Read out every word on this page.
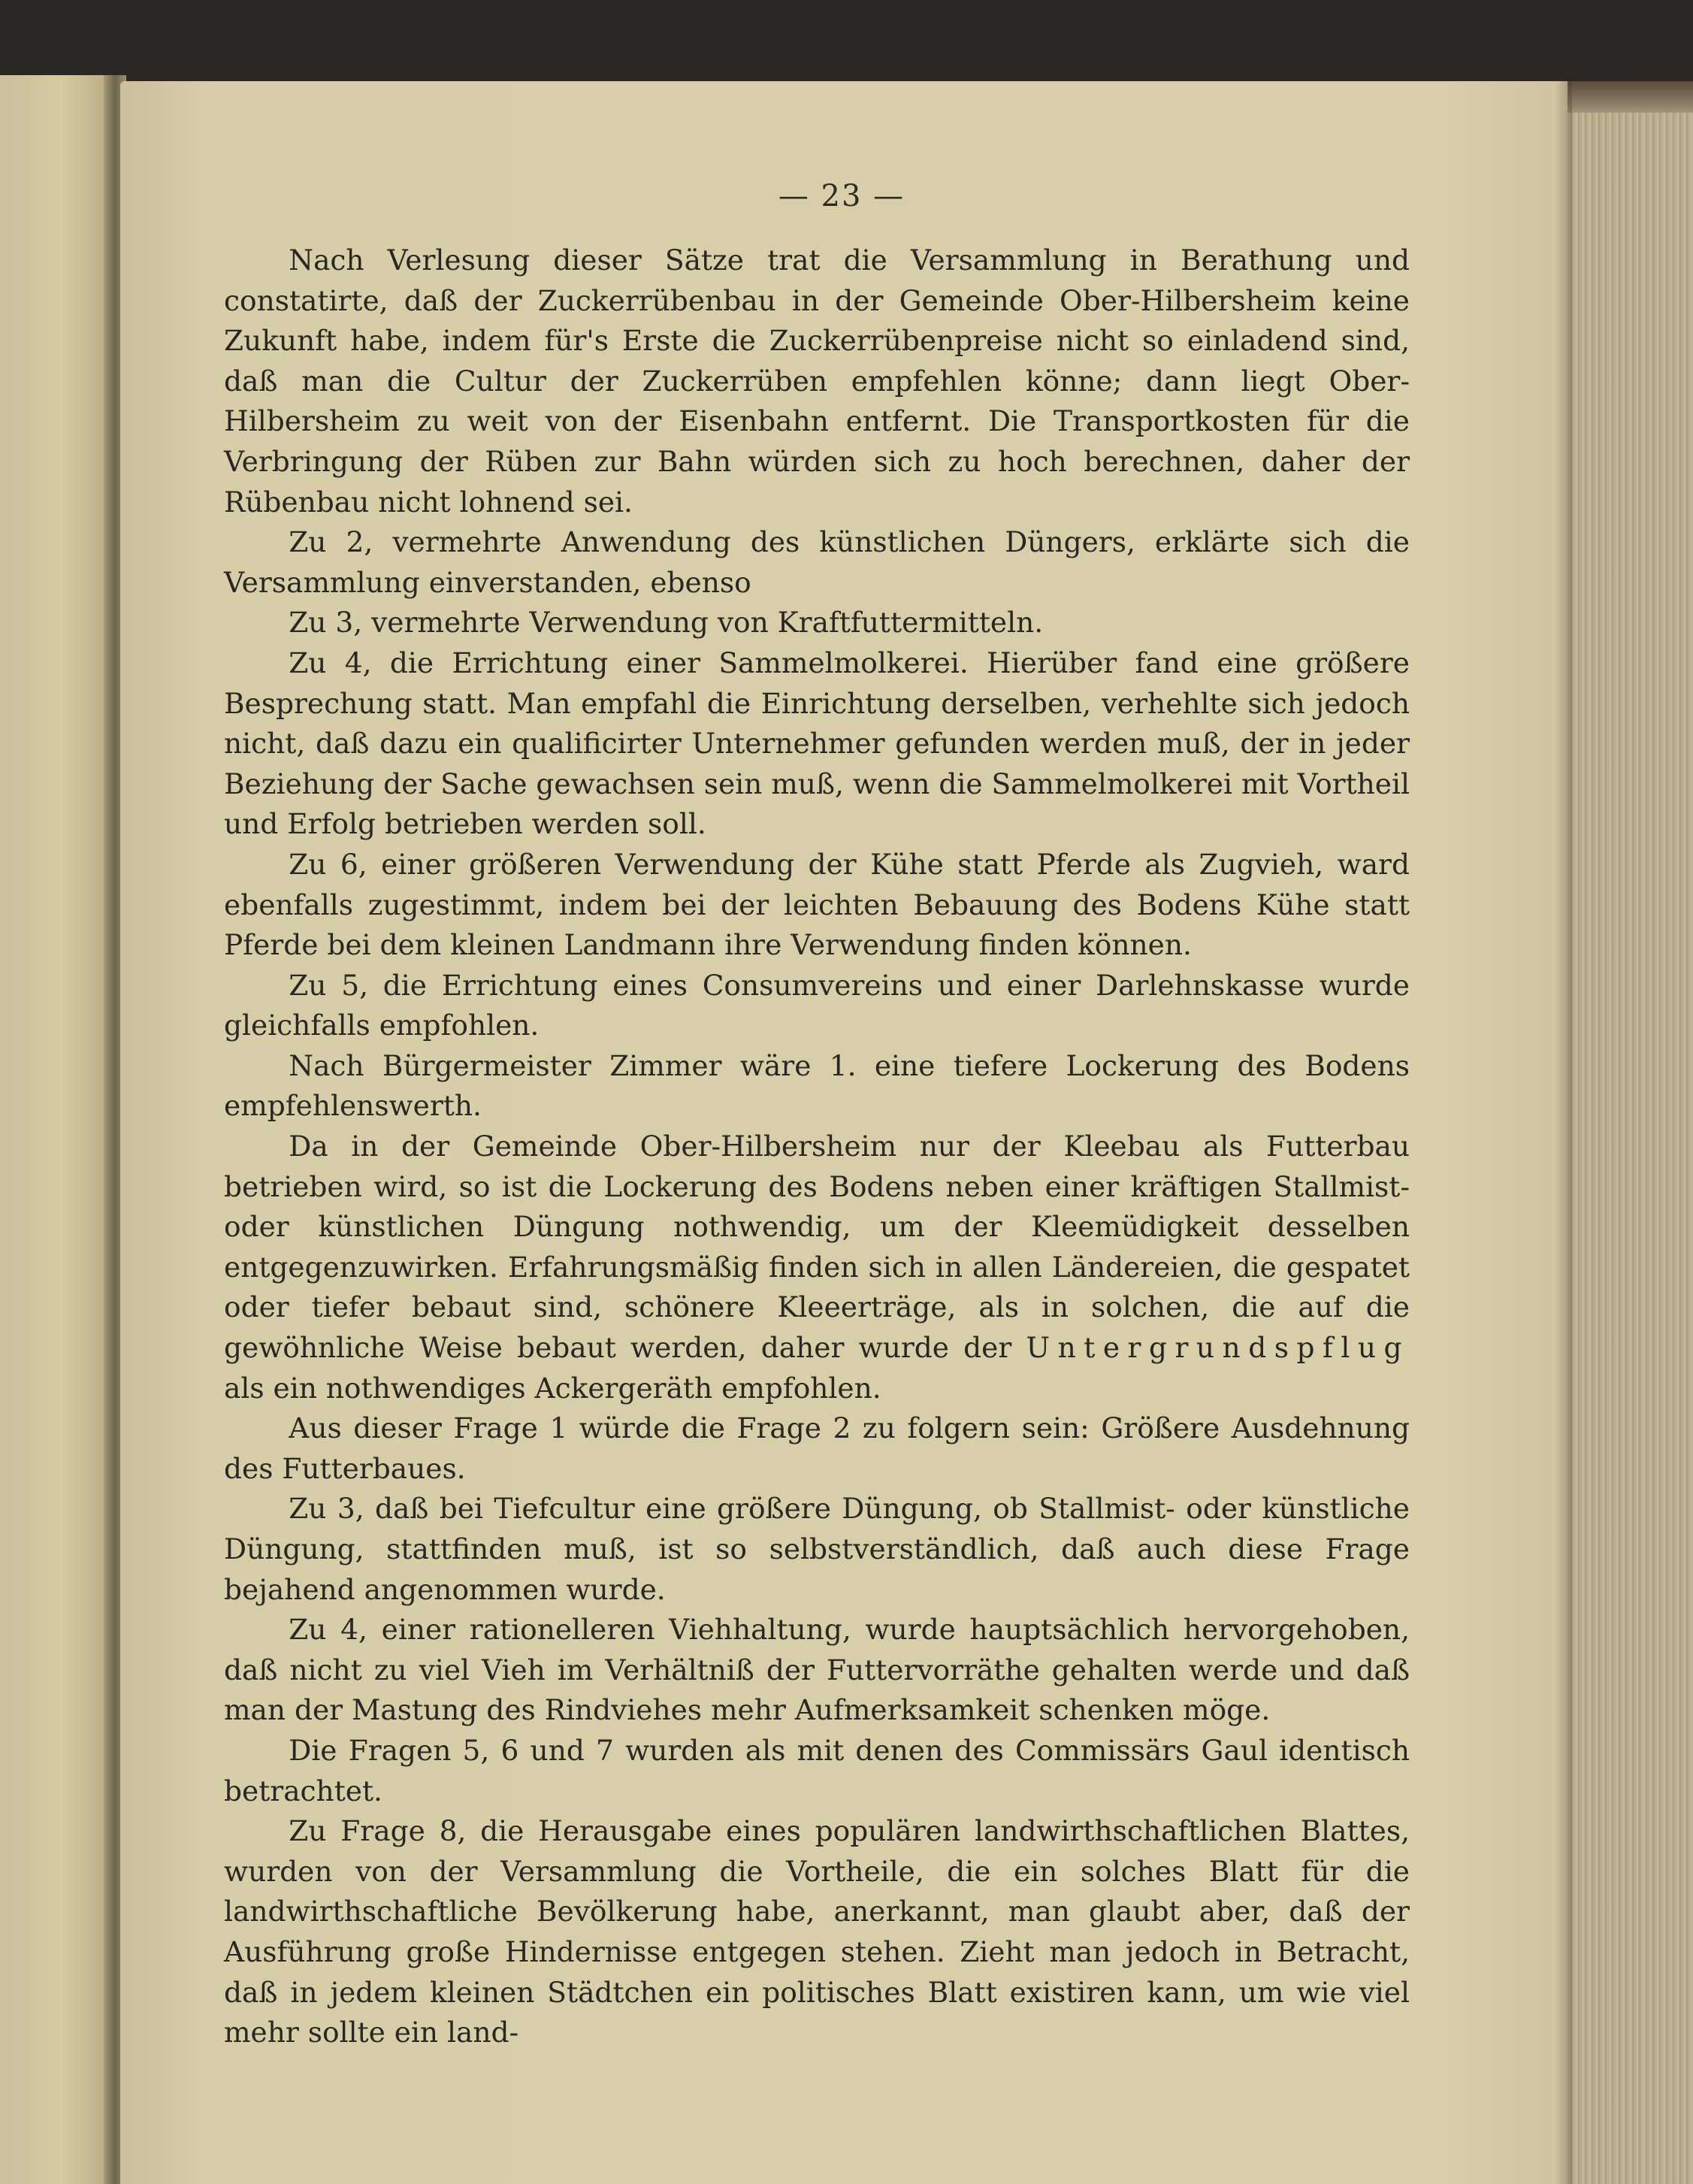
— 23 —

Nach Verlesung dieser Sätze trat die Versammlung in Berathung und constatirte, daß der Zuckerrübenbau in der Gemeinde Ober-Hilbersheim keine Zukunft habe, indem für's Erste die Zuckerrübenpreise nicht so einladend sind, daß man die Cultur der Zuckerrüben empfehlen könne; dann liegt Ober-Hilbersheim zu weit von der Eisenbahn entfernt. Die Transportkosten für die Verbringung der Rüben zur Bahn würden sich zu hoch berechnen, daher der Rübenbau nicht lohnend sei.

Zu 2, vermehrte Anwendung des künstlichen Düngers, erklärte sich die Versammlung einverstanden, ebenso

Zu 3, vermehrte Verwendung von Kraftfuttermitteln.

Zu 4, die Errichtung einer Sammelmolkerei. Hierüber fand eine größere Besprechung statt. Man empfahl die Einrichtung derselben, verhehlte sich jedoch nicht, daß dazu ein qualificirter Unternehmer gefunden werden muß, der in jeder Beziehung der Sache gewachsen sein muß, wenn die Sammelmolkerei mit Vortheil und Erfolg betrieben werden soll.

Zu 6, einer größeren Verwendung der Kühe statt Pferde als Zugvieh, ward ebenfalls zugestimmt, indem bei der leichten Bebauung des Bodens Kühe statt Pferde bei dem kleinen Landmann ihre Verwendung finden können.

Zu 5, die Errichtung eines Consumvereins und einer Darlehnskasse wurde gleichfalls empfohlen.

Nach Bürgermeister Zimmer wäre 1. eine tiefere Lockerung des Bodens empfehlenswerth.

Da in der Gemeinde Ober-Hilbersheim nur der Kleebau als Futterbau betrieben wird, so ist die Lockerung des Bodens neben einer kräftigen Stallmist- oder künstlichen Düngung nothwendig, um der Kleemüdigkeit desselben entgegenzuwirken. Erfahrungsmäßig finden sich in allen Ländereien, die gespatet oder tiefer bebaut sind, schönere Kleeerträge, als in solchen, die auf die gewöhnliche Weise bebaut werden, daher wurde der Untergrundspflug als ein nothwendiges Ackergeräth empfohlen.

Aus dieser Frage 1 würde die Frage 2 zu folgern sein: Größere Ausdehnung des Futterbaues.

Zu 3, daß bei Tiefcultur eine größere Düngung, ob Stallmist- oder künstliche Düngung, stattfinden muß, ist so selbstverständlich, daß auch diese Frage bejahend angenommen wurde.

Zu 4, einer rationelleren Viehhaltung, wurde hauptsächlich hervorgehoben, daß nicht zu viel Vieh im Verhältniß der Futtervorräthe gehalten werde und daß man der Mastung des Rindviehes mehr Aufmerksamkeit schenken möge.

Die Fragen 5, 6 und 7 wurden als mit denen des Commissärs Gaul identisch betrachtet.

Zu Frage 8, die Herausgabe eines populären landwirthschaftlichen Blattes, wurden von der Versammlung die Vortheile, die ein solches Blatt für die landwirthschaftliche Bevölkerung habe, anerkannt, man glaubt aber, daß der Ausführung große Hindernisse entgegen stehen. Zieht man jedoch in Betracht, daß in jedem kleinen Städtchen ein politisches Blatt existiren kann, um wie viel mehr sollte ein land-
